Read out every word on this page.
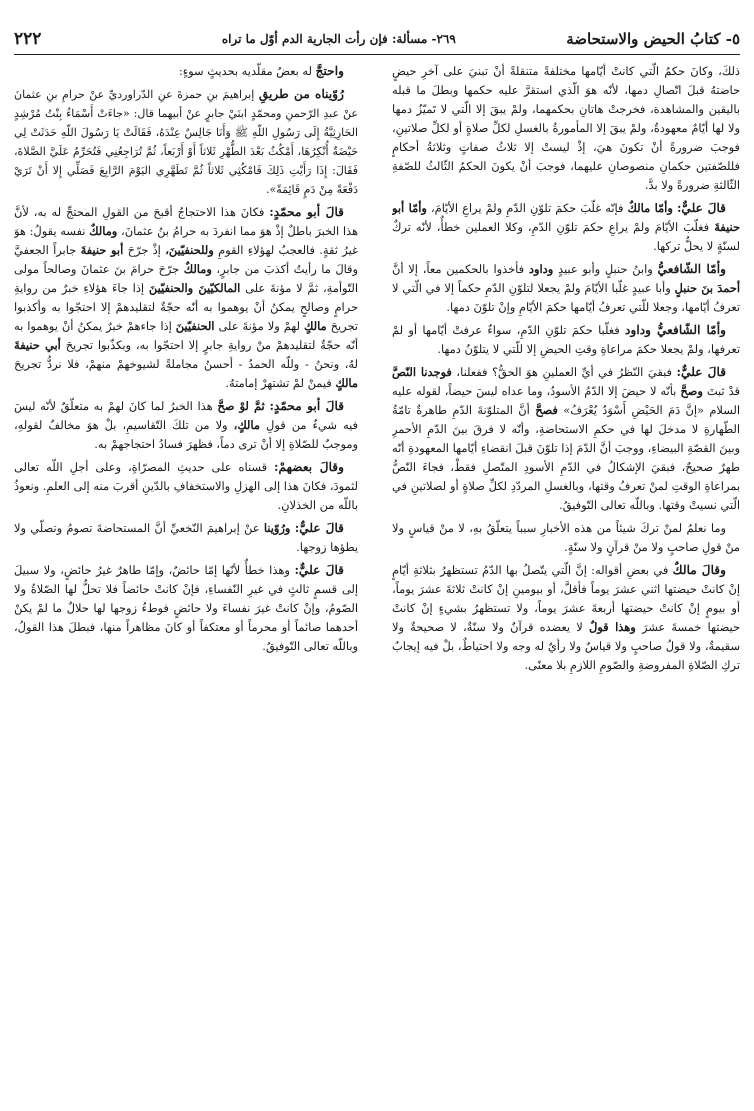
٥- كتابُ الحيض والاستحاضة
٢٦٩- مسألة: فإن رأت الجارية الدم أوّل ما تراه
٢٢٢

ذلكَ، وكانَ حكمُ الَّتي كانتْ أيّامها مختلفةً متنقلةً أنْ تبنيَ على آخرِ حيضٍ حاضتهُ قبلَ اتّصالِ دمها، لأنّه هوَ الّذي استقرَّ عليه حكمها وبطلَ ما قبله باليقين والمشاهدة، فخرجتْ هاتانِ بحكمهما، ولمْ يبقَ إلا الّتي لا تَميّزُ دمها ولا لها أيّامٌ معهودةٌ، ولمْ يبقَ إلا المأمورةُ بالغسلِ لكلِّ صلاةٍ أو لكلِّ صلاتينِ، فوجبَ ضرورةً أنْ تكونَ هيَ، إذْ ليستْ إلا ثلاثُ صفاتٍ وثلاثةُ أحكامٍ فللصّفتين حكمانِ منصوصانِ عليهما، فوجبَ أنْ يكونَ الحكمُ الثّالثُ للصّفةِ الثّالثةِ ضرورةً ولا بدَّ.

قالَ عليٌّ: وأمّا مالكٌ فإنّه غلّبَ حكمَ تلوّنِ الدّمِ ولمْ يراعِ الأيّامَ، وأمّا أبو حنيفةَ فغلّبَ الأيّامَ ولمْ يراعِ حكمَ تلوّنِ الدّمِ، وكلا العملين خطأٌ، لأنّه تركٌ لسنّةٍ لا يحلُّ تركها.

وأمّا الشّافعيُّ وابنُ حنبلٍ وأبو عبيدٍ وداود فأخذوا بالحكمين معاً، إلا أنَّ أحمدَ بنَ حنبلٍ وأبا عبيدٍ غلّبا الأيّامَ ولمْ يجعلا لتلوّنِ الدّمِ حكماً إلا في الّتي لا تعرفُ أيّامها، وجعلا للّتي تعرفُ أيّامها حكمَ الأيّامِ وإنْ تلوّنَ دمها.

وأمّا الشّافعيُّ وداود فغلّبا حكمَ تلوّنِ الدّمِ، سواءٌ عرفتْ أيّامها أو لمْ تعرفها، ولمْ يجعلا حكمَ مراعاةِ وقتِ الحيضِ إلا للّتي لا يتلوّنُ دمها.

قالَ عليٌّ: فبقيَ النّظرُ في أيِّ العملينِ هوَ الحقُّ؟ ففعلنا، فوجدنا النّصَّ قدْ ثبتَ وصحَّ بأنّه لا حيضَ إلا الدّمُ الأسودُ، وما عداه ليسَ حيضاً، لقوله عليه السلام «إنَّ دَمَ الحَيْضِ أَسْوَدُ يُعْرَفُ» فصحَّ أنَّ المتلوّنةَ الدّمِ طاهرةٌ تامّةُ الطّهارةِ لا مدخلَ لها في حكمِ الاستحاضةِ، وأنّه لا فرقَ بينَ الدّمِ الأحمرِ وبينَ القصّةِ البيضاءِ، ووجبَ أنَّ الدّمَ إذا تلوّنَ قبلَ انقضاءِ أيّامها المعهودةِ أنّه طهرٌ صحيحٌ، فبقيَ الإشكالُ في الدّمِ الأسودِ المتّصلِ فقطْ، فجاءَ النّصُّ بمراعاةِ الوقتِ لمنْ تعرفُ وقتها، وبالغسلِ المردّدِ لكلِّ صلاةٍ أو لصلاتينِ في الّتي نسيتْ وقتها. وباللّه تعالى التّوفيقُ.

وما نعلمُ لمنْ تركَ شيئاً من هذه الأخبارِ سبباً يتعلّقُ بهِ، لا منْ قياسٍ ولا منْ قولِ صاحبٍ ولا منْ قرآنٍ ولا سنّةٍ.

وقالَ مالكٌ في بعضِ أقواله: إنَّ الّتي يتّصلُ بها الدّمُ تستظهرُ بثلاثةِ أيّامٍ إنْ كانتْ حيضتها اثني عشرَ يوماً فأقلَّ، أو بيومينِ إنْ كانتْ ثلاثةَ عشرَ يوماً، أو بيومٍ إنْ كانتْ حيضتها أربعةَ عشرَ يوماً، ولا تستظهرُ بشيءٍ إنْ كانتْ حيضتها خمسةَ عشرَ وهذا قولٌ لا يعضده قرآنٌ ولا سنّةٌ، لا صحيحةٌ ولا سقيمةٌ، ولا قولُ صاحبٍ ولا قياسٌ ولا رأيٌ له وجه ولا احتياطٌ، بلْ فيه إيجابُ تركِ الصّلاةِ المفروضةِ والصّومِ اللازمِ بلا معنًى.

واحتجَّ له بعضُ مقلّديه بحديثٍ سوءٍ:

رُوّيناه من طريقِ إبراهيمَ بنِ حمزةَ عنِ الدّراورديِّ عنْ حرامِ بنِ عثمانَ عنْ عبدِ الرّحمنِ ومحمّدٍ ابنَيْ جابرٍ عنْ أبيهما قال: «جاءَتْ أَسْمَاءُ بِنْتُ مُرْشِدٍ الحَارِثِيَّةُ إِلَى رَسُولِ اللّهِ ﷺ وَأَنَا جَالِسٌ عِنْدَهُ، فَقَالَتْ يَا رَسُولَ اللّهِ حَدَثَتْ لِي حَيْضَةٌ أُنْكِرُهَا، أَمْكُثُ بَعْدَ الطُّهْرِ ثَلاثاً أَوْ أَرْبَعاً، ثُمَّ تُرَاجِعُنِي فَتُحَرِّمُ عَلَيَّ الصَّلاةَ، فَقَالَ: إِذَا رَأَيْتِ ذَلِكَ فَامْكُثِي ثَلاثاً ثُمَّ تَطَهَّرِي اليَوْمَ الرَّابِعَ فَصَلِّي إِلا أَنْ تَرَيْ دَفْعَةً مِنْ دَمٍ قَائِمَةً».

قالَ أبو محمّدٍ: فكانَ هذا الاحتجاجُ أقبحَ من القولِ المحتجِّ له به، لأنَّ هذا الخبرَ باطلٌ إذْ هوَ مما انفردَ به حرامُ بنُ عثمانَ، ومالكٌ نفسه يقولُ: هوَ غيرُ ثقةٍ. فالعجبُ لهؤلاءِ القومِ وللحنفيّينَ، إذْ جرّحَ أبو حنيفةَ جابراً الجعفيَّ وقالَ ما رأيتُ أكذبَ من جابرٍ، ومالكٌ جرّحَ حرامَ بنَ عثمانَ وصالحاً مولى التّوأمةِ، ثمَّ لا مؤنةَ على المالكيّينَ والحنفيّينَ إذا جاءَ هؤلاءِ خبرٌ من روايةِ حرامٍ وصالحٍ يمكنُ أنْ يوهموا به أنّه حجّةٌ لتقليدهمْ إلا احتجّوا به وأكذبوا تجريحَ مالكٍ لهمْ ولا مؤنةَ على الحنفيّينَ إذا جاءهمْ خبرٌ يمكنُ أنْ يوهموا به أنّه حجّةٌ لتقليدهمْ منْ روايةِ جابرٍ إلا احتجّوا به، وبكذّبوا تجريحَ أبي حنيفةَ لهُ، ونحنُ - وللّه الحمدُ - أحسنُ مجاملةً لشيوخهمْ منهمْ، فلا نردُّ تجريحَ مالكٍ فيمنْ لمْ تشتهرْ إمامتهُ.

قالَ أبو محمّدٍ: ثمَّ لوْ صحَّ هذا الخبرُ لما كانَ لهمْ به متعلّقٌ لأنّه ليسَ فيه شيءٌ من قولِ مالكٍ، ولا من تلكَ التّقاسيمِ، بلْ هوَ مخالفٌ لقولهِ، وموجبٌ للصّلاةِ إلا أنْ ترى دماً، فظهرَ فسادُ احتجاجهمْ به.

وقالَ بعضهمْ: قسناه على حديثِ المصرّاةِ، وعلى أجلِ اللّه تعالى لثمودَ، فكانَ هذا إلى الهزلِ والاستخفافِ بالدّينِ أقربَ منه إلى العلمِ. ونعوذُ باللّه من الخذلانِ.

قالَ عليٌّ: ورُوّينا عنْ إبراهيمَ النّخعيِّ أنَّ المستحاضةَ تصومُ وتصلّي ولا يطؤها زوجها.

قالَ عليٌّ: وهذا خطأٌ لأنّها إمّا حائضٌ، وإمّا طاهرٌ غيرُ حائضٍ، ولا سبيلَ إلى قسمٍ ثالثٍ في غيرِ النّفساءِ، فإنْ كانتْ حائضاً فلا تحلُّ لها الصّلاةُ ولا الصّومُ، وإنْ كانتْ غيرَ نفساءَ ولا حائضٍ فوطءُ زوجها لها حلالٌ ما لمْ يكنْ أحدهما صائماً أو محرماً أو معتكفاً أو كانَ مظاهراً منها، فبطلَ هذا القولُ، وباللّه تعالى التّوفيقُ.
